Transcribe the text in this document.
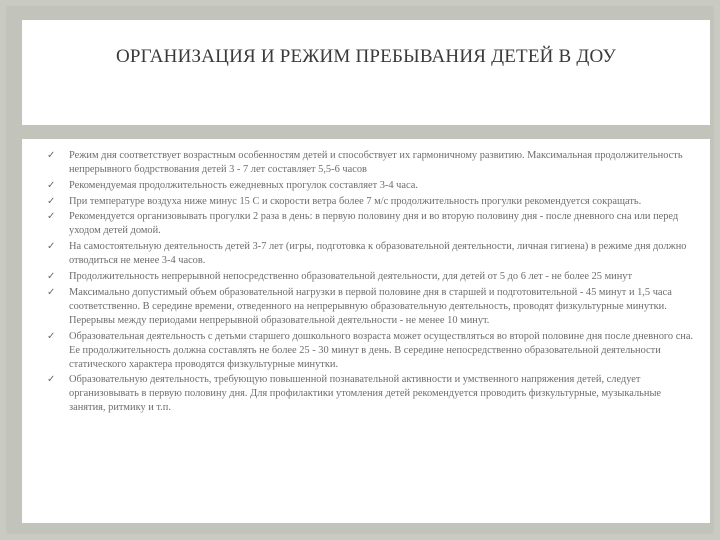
ОРГАНИЗАЦИЯ И РЕЖИМ ПРЕБЫВАНИЯ ДЕТЕЙ В ДОУ
✓ Режим дня соответствует возрастным особенностям детей и способствует их гармоничному развитию. Максимальная продолжительность непрерывного бодрствования детей 3 - 7 лет составляет 5,5-6 часов
✓ Рекомендуемая продолжительность ежедневных прогулок составляет 3-4 часа.
✓ При температуре воздуха ниже минус 15 С и скорости ветра более 7 м/с продолжительность прогулки рекомендуется сокращать.
✓ Рекомендуется организовывать прогулки 2 раза в день: в первую половину дня и во вторую половину дня - после дневного сна или перед уходом детей домой.
✓ На самостоятельную деятельность детей 3-7 лет (игры, подготовка к образовательной деятельности, личная гигиена) в режиме дня должно отводиться не менее 3-4 часов.
✓ Продолжительность непрерывной непосредственно образовательной деятельности, для детей от 5 до 6 лет - не более 25 минут
✓ Максимально допустимый объем образовательной нагрузки в первой половине дня в старшей и подготовительной - 45 минут и 1,5 часа соответственно. В середине времени, отведенного на непрерывную образовательную деятельность, проводят физкультурные минутки. Перерывы между периодами непрерывной образовательной деятельности - не менее 10 минут.
✓ Образовательная деятельность с детьми старшего дошкольного возраста может осуществляться во второй половине дня после дневного сна. Ее продолжительность должна составлять не более 25 - 30 минут в день. В середине непосредственно образовательной деятельности статического характера проводятся физкультурные минутки.
✓ Образовательную деятельность, требующую повышенной познавательной активности и умственного напряжения детей, следует организовывать в первую половину дня. Для профилактики утомления детей рекомендуется проводить физкультурные, музыкальные занятия, ритмику и т.п.
